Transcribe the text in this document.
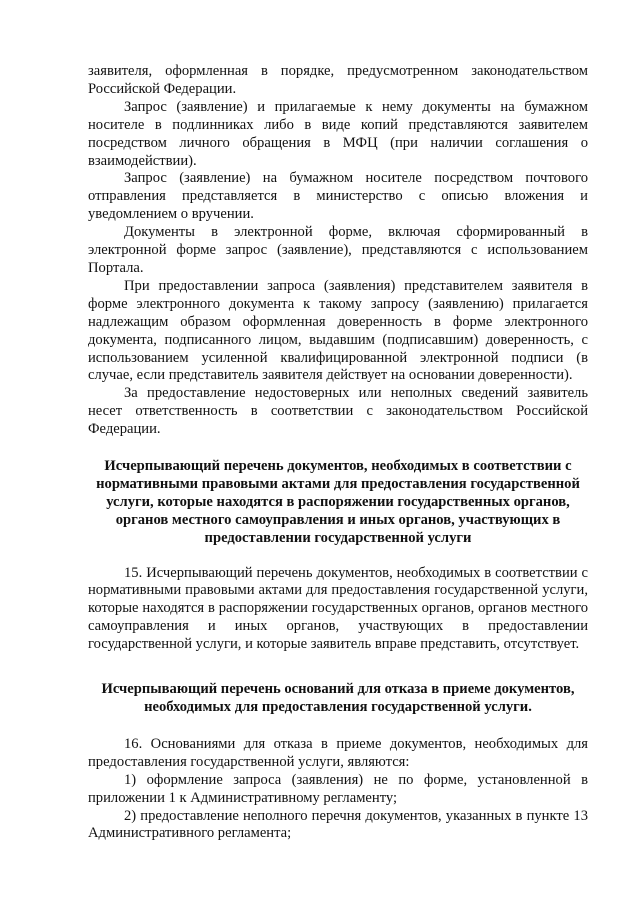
заявителя, оформленная в порядке, предусмотренном законодательством Российской Федерации.

Запрос (заявление) и прилагаемые к нему документы на бумажном носителе в подлинниках либо в виде копий представляются заявителем посредством личного обращения в МФЦ (при наличии соглашения о взаимодействии).

Запрос (заявление) на бумажном носителе посредством почтового отправления представляется в министерство с описью вложения и уведомлением о вручении.

Документы в электронной форме, включая сформированный в электронной форме запрос (заявление), представляются с использованием Портала.

При предоставлении запроса (заявления) представителем заявителя в форме электронного документа к такому запросу (заявлению) прилагается надлежащим образом оформленная доверенность в форме электронного документа, подписанного лицом, выдавшим (подписавшим) доверенность, с использованием усиленной квалифицированной электронной подписи (в случае, если представитель заявителя действует на основании доверенности).

За предоставление недостоверных или неполных сведений заявитель несет ответственность в соответствии с законодательством Российской Федерации.

Исчерпывающий перечень документов, необходимых в соответствии с нормативными правовыми актами для предоставления государственной услуги, которые находятся в распоряжении государственных органов, органов местного самоуправления и иных органов, участвующих в предоставлении государственной услуги

15. Исчерпывающий перечень документов, необходимых в соответствии с нормативными правовыми актами для предоставления государственной услуги, которые находятся в распоряжении государственных органов, органов местного самоуправления и иных органов, участвующих в предоставлении государственной услуги, и которые заявитель вправе представить, отсутствует.

Исчерпывающий перечень оснований для отказа в приеме документов, необходимых для предоставления государственной услуги.

16. Основаниями для отказа в приеме документов, необходимых для предоставления государственной услуги, являются:

1) оформление запроса (заявления) не по форме, установленной в приложении 1 к Административному регламенту;

2) предоставление неполного перечня документов, указанных в пункте 13 Административного регламента;
